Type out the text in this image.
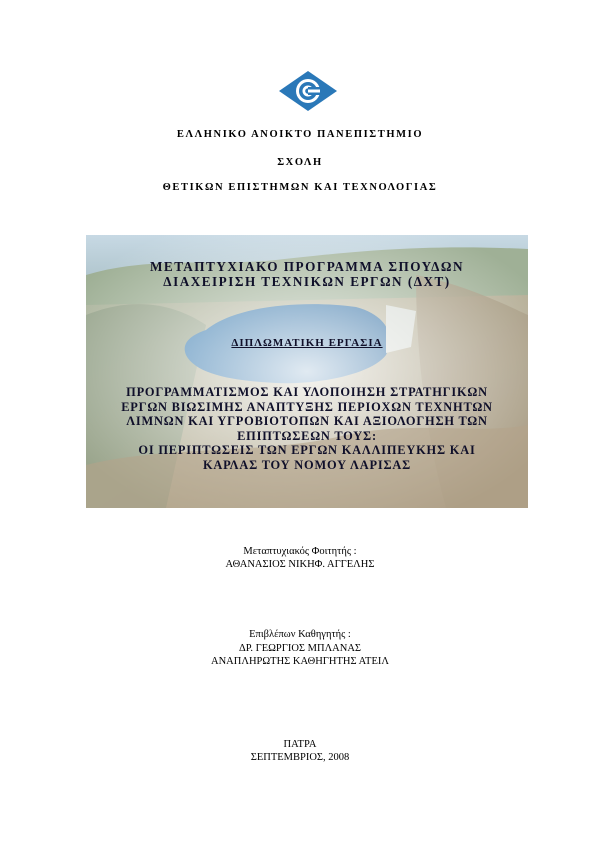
ΕΛΛΗΝΙΚΟ ΑΝΟΙΚΤΟ ΠΑΝΕΠΙΣΤΗΜΙΟ
ΣΧΟΛΗ
ΘΕΤΙΚΩΝ ΕΠΙΣΤΗΜΩΝ ΚΑΙ ΤΕΧΝΟΛΟΓΙΑΣ
ΜΕΤΑΠΤΥΧΙΑΚΟ ΠΡΟΓΡΑΜΜΑ ΣΠΟΥΔΩΝ
ΔΙΑΧΕΙΡΙΣΗ ΤΕΧΝΙΚΩΝ ΕΡΓΩΝ (ΔΧΤ)
ΔΙΠΛΩΜΑΤΙΚΗ ΕΡΓΑΣΙΑ
ΠΡΟΓΡΑΜΜΑΤΙΣΜΟΣ ΚΑΙ ΥΛΟΠΟΙΗΣΗ ΣΤΡΑΤΗΓΙΚΩΝ
ΕΡΓΩΝ ΒΙΩΣΙΜΗΣ ΑΝΑΠΤΥΞΗΣ ΠΕΡΙΟΧΩΝ ΤΕΧΝΗΤΩΝ
ΛΙΜΝΩΝ ΚΑΙ ΥΓΡΟΒΙΟΤΟΠΩΝ ΚΑΙ ΑΞΙΟΛΟΓΗΣΗ ΤΩΝ
ΕΠΙΠΤΩΣΕΩΝ ΤΟΥΣ:
ΟΙ ΠΕΡΙΠΤΩΣΕΙΣ ΤΩΝ ΕΡΓΩΝ ΚΑΛΛΙΠΕΥΚΗΣ ΚΑΙ
ΚΑΡΛΑΣ ΤΟΥ ΝΟΜΟΥ ΛΑΡΙΣΑΣ
Μεταπτυχιακός Φοιτητής :
ΑΘΑΝΑΣΙΟΣ ΝΙΚΗΦ. ΑΓΓΕΛΗΣ
Επιβλέπων Καθηγητής :
ΔΡ. ΓΕΩΡΓΙΟΣ ΜΠΛΑΝΑΣ
ΑΝΑΠΛΗΡΩΤΗΣ ΚΑΘΗΓΗΤΗΣ ΑΤΕΙΛ
ΠΑΤΡΑ
ΣΕΠΤΕΜΒΡΙΟΣ, 2008
